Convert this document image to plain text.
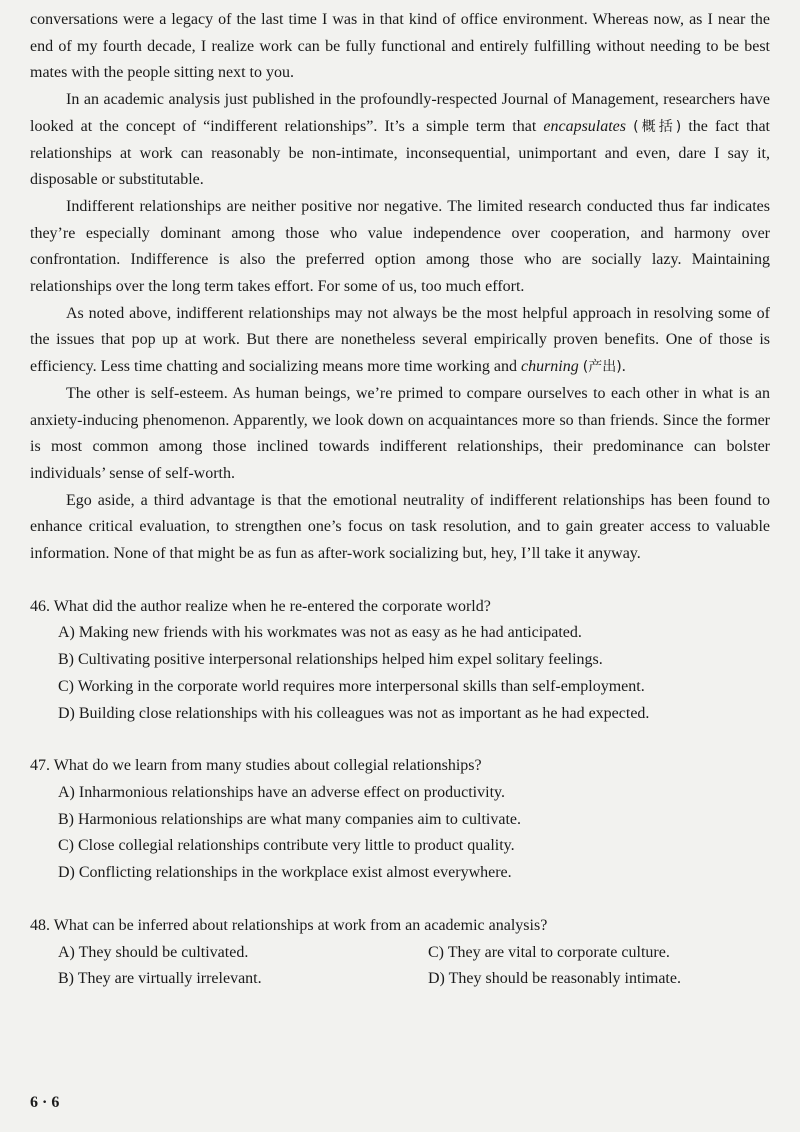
conversations were a legacy of the last time I was in that kind of office environment. Whereas now, as I near the end of my fourth decade, I realize work can be fully functional and entirely fulfilling without needing to be best mates with the people sitting next to you.

In an academic analysis just published in the profoundly-respected Journal of Management, researchers have looked at the concept of “indifferent relationships”. It’s a simple term that encapsulates (概括) the fact that relationships at work can reasonably be non-intimate, inconsequential, unimportant and even, dare I say it, disposable or substitutable.

Indifferent relationships are neither positive nor negative. The limited research conducted thus far indicates they’re especially dominant among those who value independence over cooperation, and harmony over confrontation. Indifference is also the preferred option among those who are socially lazy. Maintaining relationships over the long term takes effort. For some of us, too much effort.

As noted above, indifferent relationships may not always be the most helpful approach in resolving some of the issues that pop up at work. But there are nonetheless several empirically proven benefits. One of those is efficiency. Less time chatting and socializing means more time working and churning (产出).

The other is self-esteem. As human beings, we’re primed to compare ourselves to each other in what is an anxiety-inducing phenomenon. Apparently, we look down on acquaintances more so than friends. Since the former is most common among those inclined towards indifferent relationships, their predominance can bolster individuals’ sense of self-worth.

Ego aside, a third advantage is that the emotional neutrality of indifferent relationships has been found to enhance critical evaluation, to strengthen one’s focus on task resolution, and to gain greater access to valuable information. None of that might be as fun as after-work socializing but, hey, I’ll take it anyway.

46. What did the author realize when he re-entered the corporate world?

A) Making new friends with his workmates was not as easy as he had anticipated.
B) Cultivating positive interpersonal relationships helped him expel solitary feelings.
C) Working in the corporate world requires more interpersonal skills than self-employment.
D) Building close relationships with his colleagues was not as important as he had expected.

47. What do we learn from many studies about collegial relationships?

A) Inharmonious relationships have an adverse effect on productivity.
B) Harmonious relationships are what many companies aim to cultivate.
C) Close collegial relationships contribute very little to product quality.
D) Conflicting relationships in the workplace exist almost everywhere.

48. What can be inferred about relationships at work from an academic analysis?

A) They should be cultivated.	C) They are vital to corporate culture.
B) They are virtually irrelevant.	D) They should be reasonably intimate.
6 · 6
